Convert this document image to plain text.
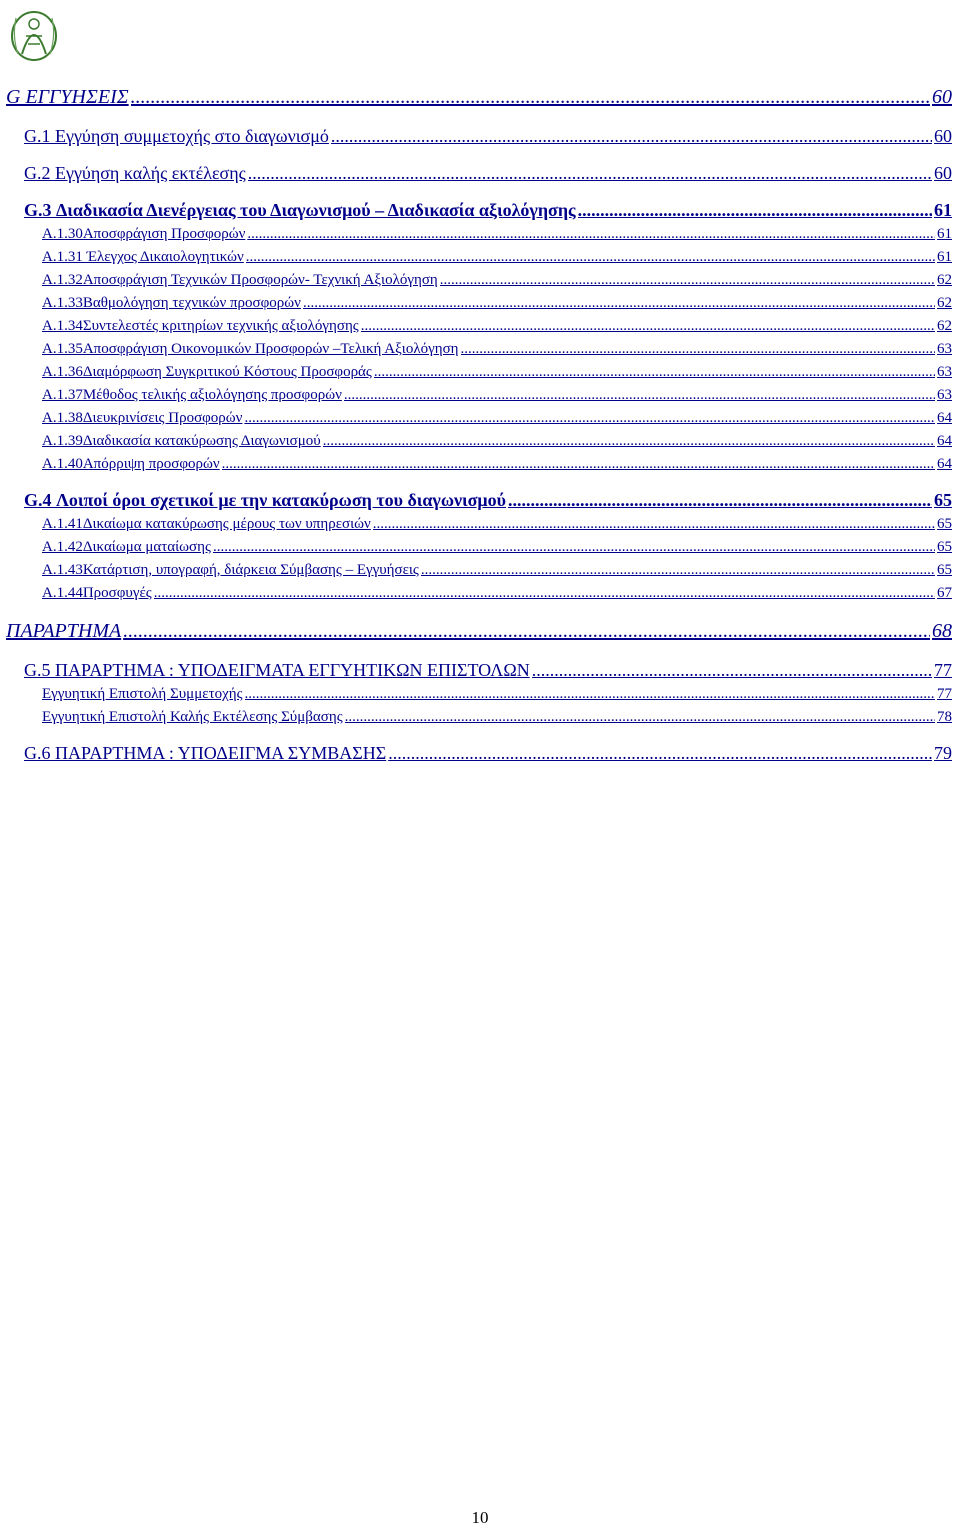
G ΕΓΓΥΗΣΕΙΣ .....	60
G.1 Εγγύηση συμμετοχής στο διαγωνισμό .....	60
G.2 Εγγύηση καλής εκτέλεσης .....	60
G.3 Διαδικασία Διενέργειας του Διαγωνισμού – Διαδικασία αξιολόγησης .....	61
A.1.30Αποσφράγιση Προσφορών .....	61
A.1.31 Έλεγχος Δικαιολογητικών .....	61
A.1.32Αποσφράγιση Τεχνικών Προσφορών- Τεχνική Αξιολόγηση .....	62
A.1.33Βαθμολόγηση τεχνικών προσφορών .....	62
A.1.34Συντελεστές κριτηρίων τεχνικής αξιολόγησης .....	62
A.1.35Αποσφράγιση Οικονομικών Προσφορών –Τελική Αξιολόγηση .....	63
A.1.36Διαμόρφωση Συγκριτικού Κόστους Προσφοράς .....	63
A.1.37Μέθοδος τελικής αξιολόγησης προσφορών .....	63
A.1.38Διευκρινίσεις Προσφορών .....	64
A.1.39Διαδικασία κατακύρωσης Διαγωνισμού .....	64
A.1.40Απόρριψη προσφορών .....	64
G.4 Λοιποί όροι σχετικοί με την κατακύρωση του διαγωνισμού .....	65
A.1.41Δικαίωμα κατακύρωσης μέρους των υπηρεσιών .....	65
A.1.42Δικαίωμα ματαίωσης .....	65
A.1.43Κατάρτιση, υπογραφή, διάρκεια Σύμβασης – Εγγυήσεις .....	65
A.1.44Προσφυγές .....	67
ΠΑΡΑΡΤΗΜΑ .....	68
G.5 ΠΑΡΑΡΤΗΜΑ : ΥΠΟΔΕΙΓΜΑΤΑ ΕΓΓΥΗΤΙΚΩΝ ΕΠΙΣΤΟΛΩΝ .....	77
Εγγυητική Επιστολή Συμμετοχής .....	77
Εγγυητική Επιστολή Καλής Εκτέλεσης Σύμβασης .....	78
G.6 ΠΑΡΑΡΤΗΜΑ : ΥΠΟΔΕΙΓΜΑ ΣΥΜΒΑΣΗΣ .....	79
10
